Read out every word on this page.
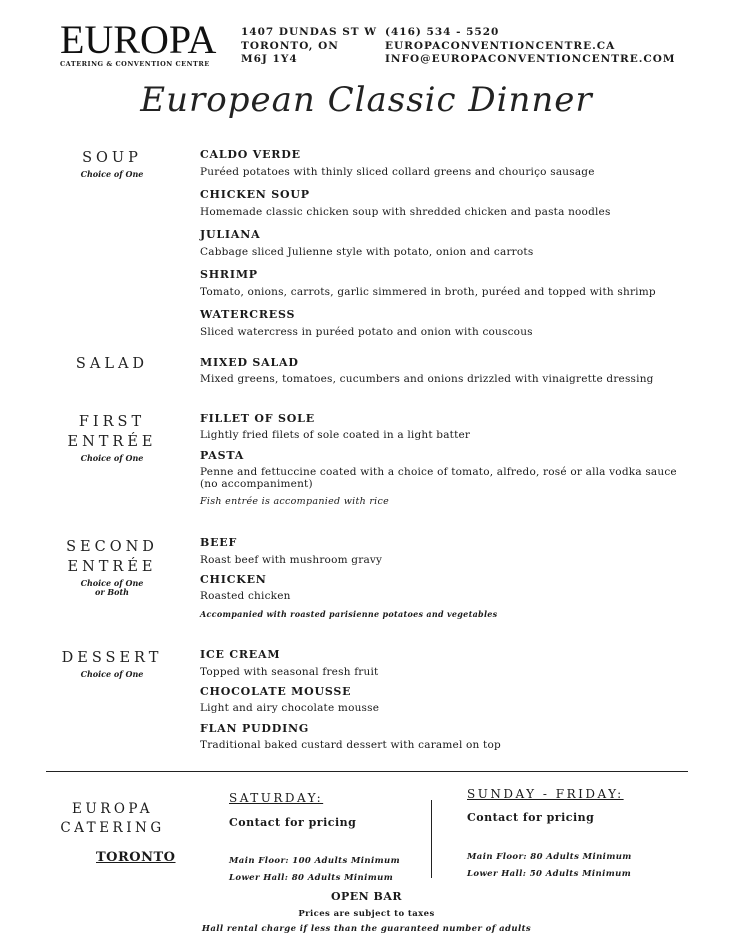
EUROPA
CATERING & CONVENTION CENTRE
1407 DUNDAS ST W
TORONTO, ON
M6J 1Y4
(416) 534 - 5520
EUROPACONVENTIONCENTRE.CA
INFO@EUROPACONVENTIONCENTRE.COM
European Classic Dinner
SOUP
Choice of One
CALDO VERDE
Puréed potatoes with thinly sliced collard greens and chouriço sausage
CHICKEN SOUP
Homemade classic chicken soup with shredded chicken and pasta noodles
JULIANA
Cabbage sliced Julienne style with potato, onion and carrots
SHRIMP
Tomato, onions, carrots, garlic simmered in broth, puréed and topped with shrimp
WATERCRESS
Sliced watercress in puréed potato and onion with couscous
SALAD	MIXED SALAD
Mixed greens, tomatoes, cucumbers and onions drizzled with vinaigrette dressing
FIRST
ENTRÉE
Choice of One
FILLET OF SOLE
Lightly fried filets of sole coated in a light batter
PASTA
Penne and fettuccine coated with a choice of tomato, alfredo, rosé or alla vodka sauce (no accompaniment)
Fish entrée is accompanied with rice
SECOND
ENTRÉE
Choice of One
or Both
BEEF
Roast beef with mushroom gravy
CHICKEN
Roasted chicken
Accompanied with roasted parisienne potatoes and vegetables
DESSERT
Choice of One
ICE CREAM
Topped with seasonal fresh fruit
CHOCOLATE MOUSSE
Light and airy chocolate mousse
FLAN PUDDING
Traditional baked custard dessert with caramel on top
EUROPA
CATERING
TORONTO
SATURDAY:
Contact for pricing
Main Floor: 100 Adults Minimum
Lower Hall: 80 Adults Minimum
SUNDAY - FRIDAY:
Contact for pricing
Main Floor: 80 Adults Minimum
Lower Hall: 50 Adults Minimum
OPEN BAR
Prices are subject to taxes
Hall rental charge if less than the guaranteed number of adults
